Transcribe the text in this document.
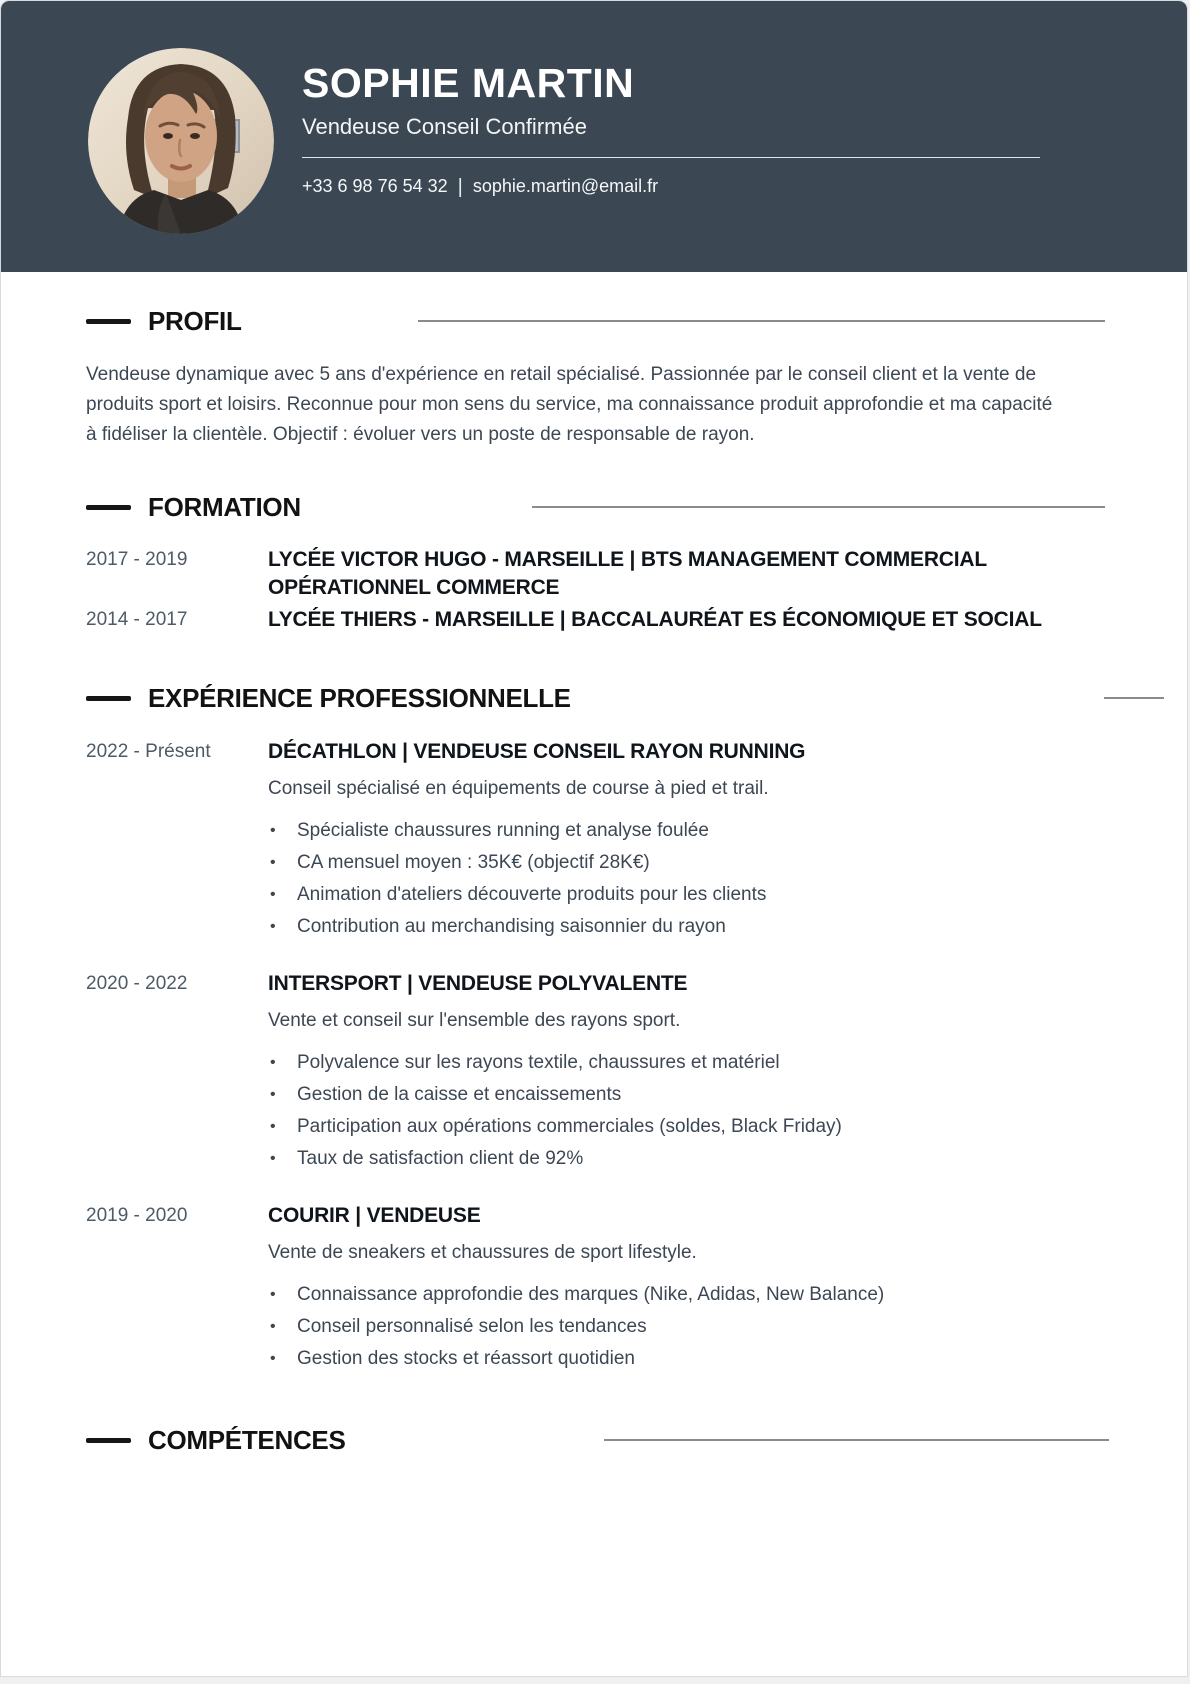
SOPHIE MARTIN
Vendeuse Conseil Confirmée
+33 6 98 76 54 32 | sophie.martin@email.fr
PROFIL
Vendeuse dynamique avec 5 ans d'expérience en retail spécialisé. Passionnée par le conseil client et la vente de produits sport et loisirs. Reconnue pour mon sens du service, ma connaissance produit approfondie et ma capacité à fidéliser la clientèle. Objectif : évoluer vers un poste de responsable de rayon.
FORMATION
2017 - 2019	LYCÉE VICTOR HUGO - MARSEILLE | BTS MANAGEMENT COMMERCIAL OPÉRATIONNEL COMMERCE
2014 - 2017	LYCÉE THIERS - MARSEILLE | BACCALAURÉAT ES ÉCONOMIQUE ET SOCIAL
EXPÉRIENCE PROFESSIONNELLE
2022 - Présent	DÉCATHLON | VENDEUSE CONSEIL RAYON RUNNING
Conseil spécialisé en équipements de course à pied et trail.
•	Spécialiste chaussures running et analyse foulée
•	CA mensuel moyen : 35K€ (objectif 28K€)
•	Animation d'ateliers découverte produits pour les clients
•	Contribution au merchandising saisonnier du rayon
2020 - 2022	INTERSPORT | VENDEUSE POLYVALENTE
Vente et conseil sur l'ensemble des rayons sport.
•	Polyvalence sur les rayons textile, chaussures et matériel
•	Gestion de la caisse et encaissements
•	Participation aux opérations commerciales (soldes, Black Friday)
•	Taux de satisfaction client de 92%
2019 - 2020	COURIR | VENDEUSE
Vente de sneakers et chaussures de sport lifestyle.
•	Connaissance approfondie des marques (Nike, Adidas, New Balance)
•	Conseil personnalisé selon les tendances
•	Gestion des stocks et réassort quotidien
COMPÉTENCES
